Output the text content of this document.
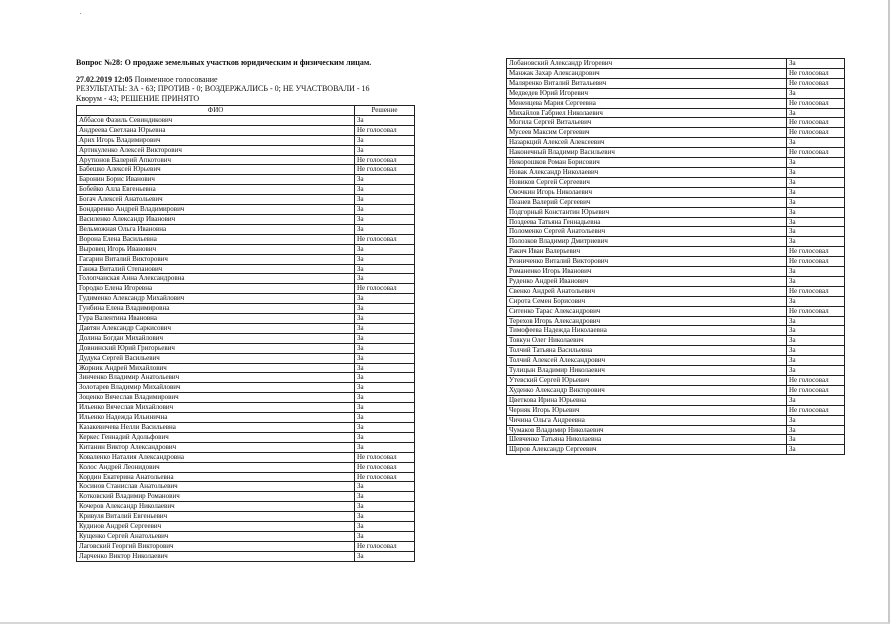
Вопрос №28: О продаже земельных участков юридическим и физическим лицам.
27.02.2019 12:05 Поименное голосование
РЕЗУЛЬТАТЫ: ЗА - 63; ПРОТИВ - 0; ВОЗДЕРЖАЛИСЬ - 0; НЕ УЧАСТВОВАЛИ - 16
Кворум - 43; РЕШЕНИЕ ПРИНЯТО
ФИО	Решение
Аббасов Фазиль Севиндикович	За
Андреева Светлана Юрьевна	Не голосовал
Арих Игорь Владимирович	За
Артикуленко Алексей Викторович	За
Арутюнов Валерий Апкотович	Не голосовал
Бабешко Алексей Юрьевич	Не голосовал
Баронин Борис Иванович	За
Бобейко Алла Евгеньевна	За
Богач Алексей Анатольевич	За
Бондаренко Андрей Владимирович	За
Василенко Александр Иванович	За
Вельможная Ольга Ивановна	За
Ворона Елена Васильевна	Не голосовал
Выровец Игорь Иванович	За
Гагарин Виталий Викторович	За
Ганжа Виталий Степанович	За
Голопчанская Анна Александровна	За
Городко Елена Игоревна	Не голосовал
Гудименко Александр Михайлович	За
Гунбина Елена Владимировна	За
Гура Валентина Ивановна	За
Давтян Александр Саркисович	За
Долина Богдан Михайлович	За
Довнинский Юрий Григорьевич	За
Дудука Сергей Васильевич	За
Жорник Андрей Михайлович	За
Зинченко Владимир Анатольевич	За
Золотарев Владимир Михайлович	За
Зоценко Вячеслав Владимирович	За
Ильенко Вячеслав Михайлович	За
Ильенко Надежда Ильинична	За
Казакевичева Нелли Васильевна	За
Керкес Геннадий Адольфович	За
Китанин Виктор Александрович	За
Коваленко Наталия Александровна	Не голосовал
Колос Андрей Леонидович	Не голосовал
Кордин Екатерина Анатольевна	Не голосовал
Косинов Станислав Анатольевич	За
Котковский Владимир Романович	За
Кочеров Александр Николаевич	За
Кривуля Виталий Евгеньевич	За
Кудинов Андрей Сергеевич	За
Кущенко Сергей Анатольевич	За
Лаговский Георгий Викторович	Не голосовал
Ларченко Виктор Николаевич	За
Лобановский Александр Игоревич	За
Манжак Захар Александрович	Не голосовал
Маляренко Виталий Витальевич	Не голосовал
Медведев Юрий Игоревич	За
Мененцева Мария Сергеевна	Не голосовал
Михайлов Габриел Николаевич	За
Могила Сергей Витальевич	Не голосовал
Мусеев Максим Сергеевич	Не голосовал
Назаркций Алексей Алексеевич	За
Наконечный Владимир Васильевич	Не голосовал
Некорошков Роман Борисович	За
Новак Александр Николаевич	За
Новиков Сергей Сергеевич	За
Овочкин Игорь Николаевич	За
Пеанев Валерий Сергеевич	За
Подгорный Константин Юрьевич	За
Поздеева Татьяна Геннадьевна	За
Поломенко Сергей Анатольевич	За
Полозков Владимир Дмитриевич	За
Ракич Иван Валерьевич	Не голосовал
Резниченко Виталий Викторович	Не голосовал
Романенко Игорь Иванович	За
Руденко Андрей Иванович	За
Свенко Андрей Анатольевич	Не голосовал
Сирота Семен Борисович	За
Ситенко Тарас Александрович	Не голосовал
Терехов Игорь Александрович	За
Тимофеева Надежда Николаевна	За
Товкун Олег Николаевич	За
Толчий Татьяна Васильевна	За
Толчий Алексей Александрович	За
Тулицын Владимир Николаевич	За
Утевский Сергей Юрьевич	Не голосовал
Худенко Александр Викторович	Не голосовал
Цветкова Ирина Юрьевна	За
Черняк Игорь Юрьевич	Не голосовал
Чичина Ольга Андреевна	За
Чумаков Владимир Николаевич	За
Шевченко Татьяна Николаевна	За
Щиров Александр Сергеевич	За
